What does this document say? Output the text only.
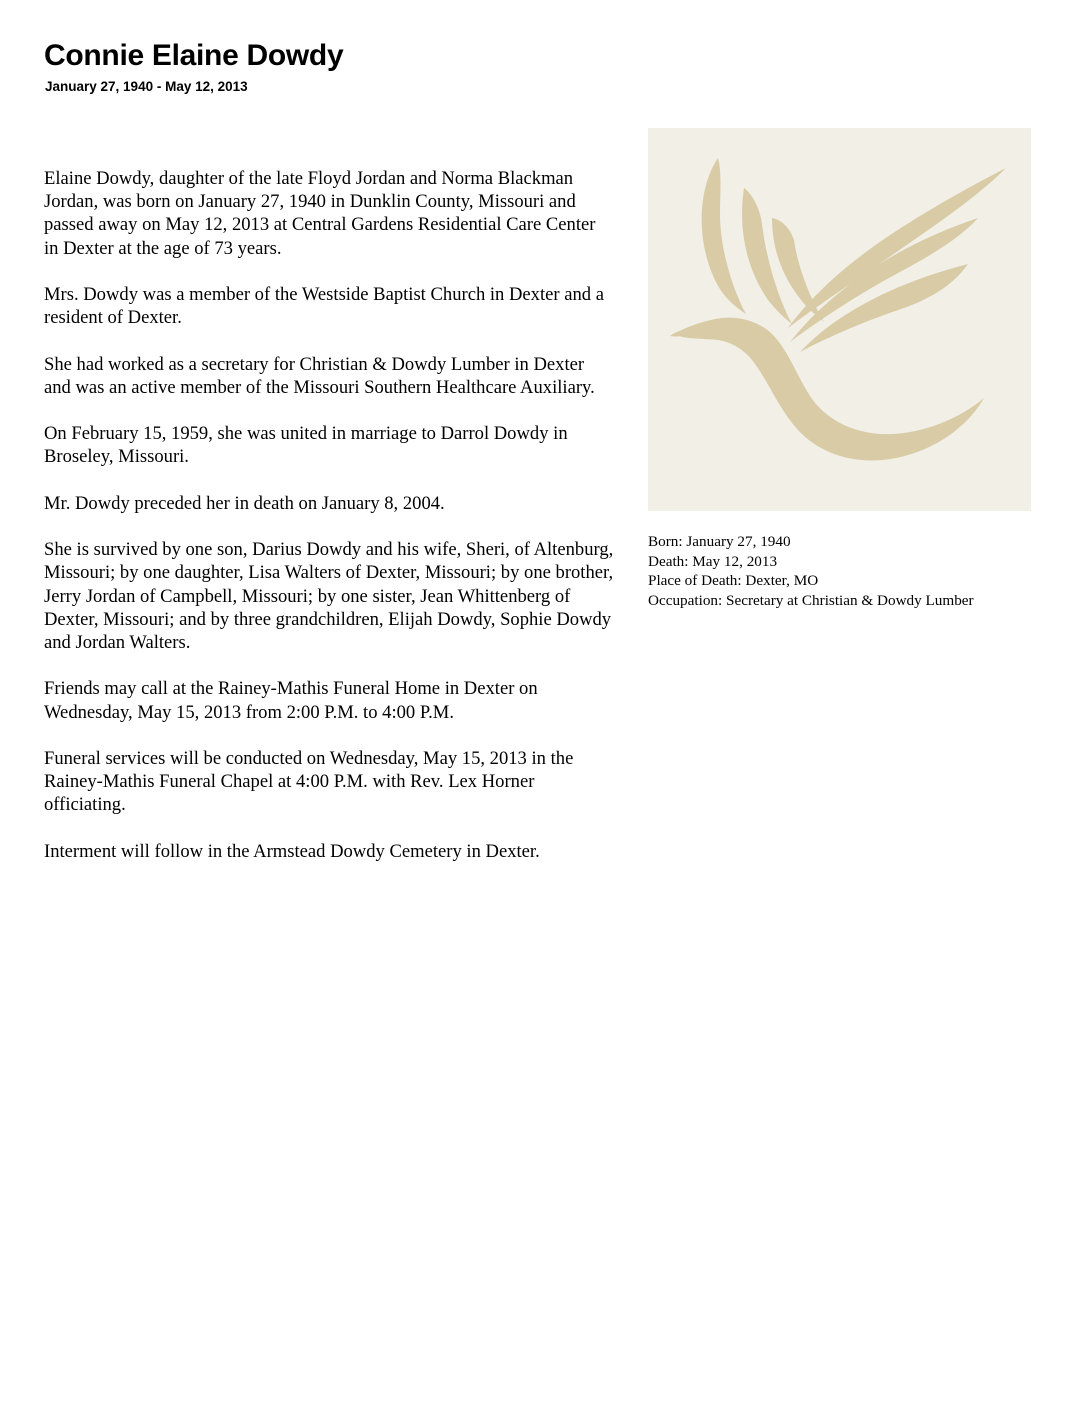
Connie Elaine Dowdy
January 27, 1940 - May 12, 2013

Elaine Dowdy, daughter of the late Floyd Jordan and Norma Blackman Jordan, was born on January 27, 1940 in Dunklin County, Missouri and passed away on May 12, 2013 at Central Gardens Residential Care Center in Dexter at the age of 73 years.

Mrs. Dowdy was a member of the Westside Baptist Church in Dexter and a resident of Dexter.

She had worked as a secretary for Christian & Dowdy Lumber in Dexter and was an active member of the Missouri Southern Healthcare Auxiliary.

On February 15, 1959, she was united in marriage to Darrol Dowdy in Broseley, Missouri.

Mr. Dowdy preceded her in death on January 8, 2004.

She is survived by one son, Darius Dowdy and his wife, Sheri, of Altenburg, Missouri; by one daughter, Lisa Walters of Dexter, Missouri; by one brother, Jerry Jordan of Campbell, Missouri; by one sister, Jean Whittenberg of Dexter, Missouri; and by three grandchildren, Elijah Dowdy, Sophie Dowdy and Jordan Walters.

Friends may call at the Rainey-Mathis Funeral Home in Dexter on Wednesday, May 15, 2013 from 2:00 P.M. to 4:00 P.M.

Funeral services will be conducted on Wednesday, May 15, 2013 in the Rainey-Mathis Funeral Chapel at 4:00 P.M. with Rev. Lex Horner officiating.

Interment will follow in the Armstead Dowdy Cemetery in Dexter.

Born: January 27, 1940
Death: May 12, 2013
Place of Death: Dexter, MO
Occupation: Secretary at Christian & Dowdy Lumber
